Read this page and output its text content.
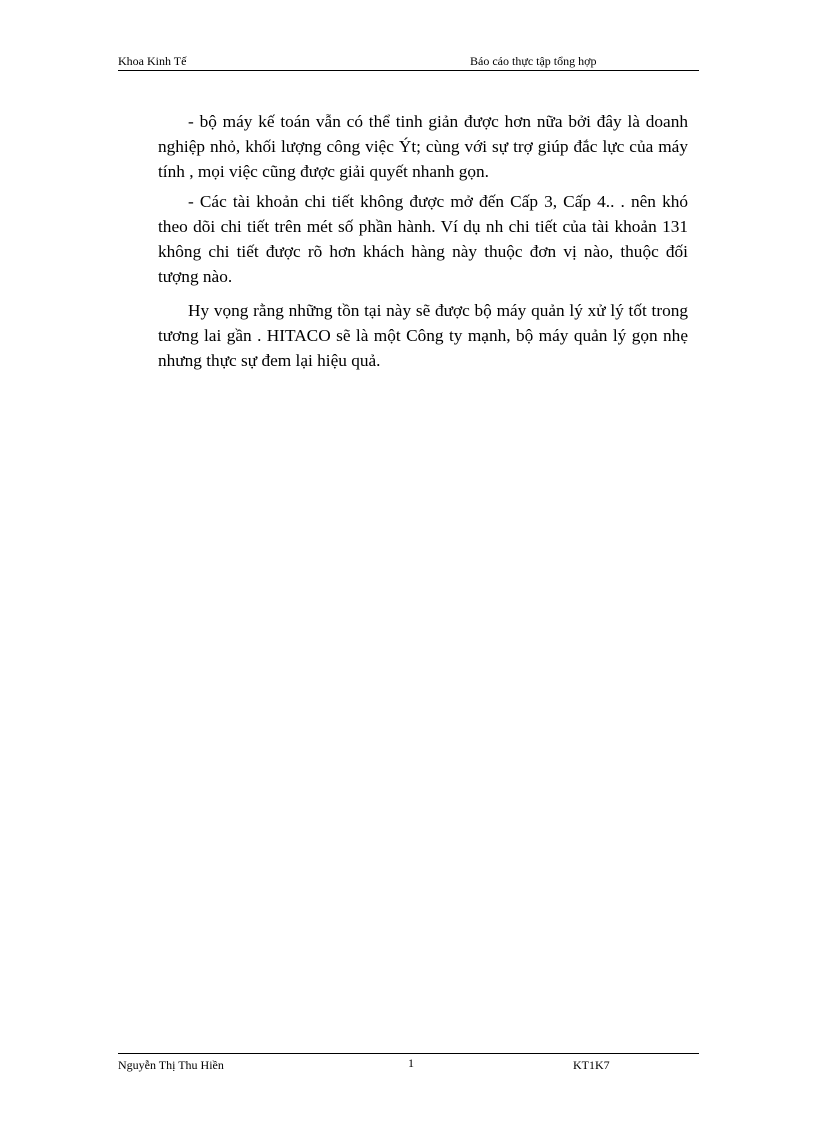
Khoa Kinh Tế	Báo cáo thực tập tổng hợp

- bộ máy kế toán vẫn có thể tinh giản được hơn nữa bởi đây là doanh nghiệp nhỏ, khối lượng công việc Ýt; cùng với sự trợ giúp đắc lực của máy tính , mọi việc cũng được giải quyết nhanh gọn.

- Các tài khoản chi tiết không được mở đến Cấp 3, Cấp 4.. . nên khó theo dõi chi tiết trên mét số phần hành. Ví dụ nh chi tiết của tài khoản 131 không chi tiết được rõ hơn khách hàng này thuộc đơn vị nào, thuộc đối tượng nào.

Hy vọng rằng những tồn tại này sẽ được bộ máy quản lý xử lý tốt trong tương lai gần . HITACO sẽ là một Công ty mạnh, bộ máy quản lý gọn nhẹ nhưng thực sự đem lại hiệu quả.

Nguyễn Thị Thu Hiền	1	KT1K7
